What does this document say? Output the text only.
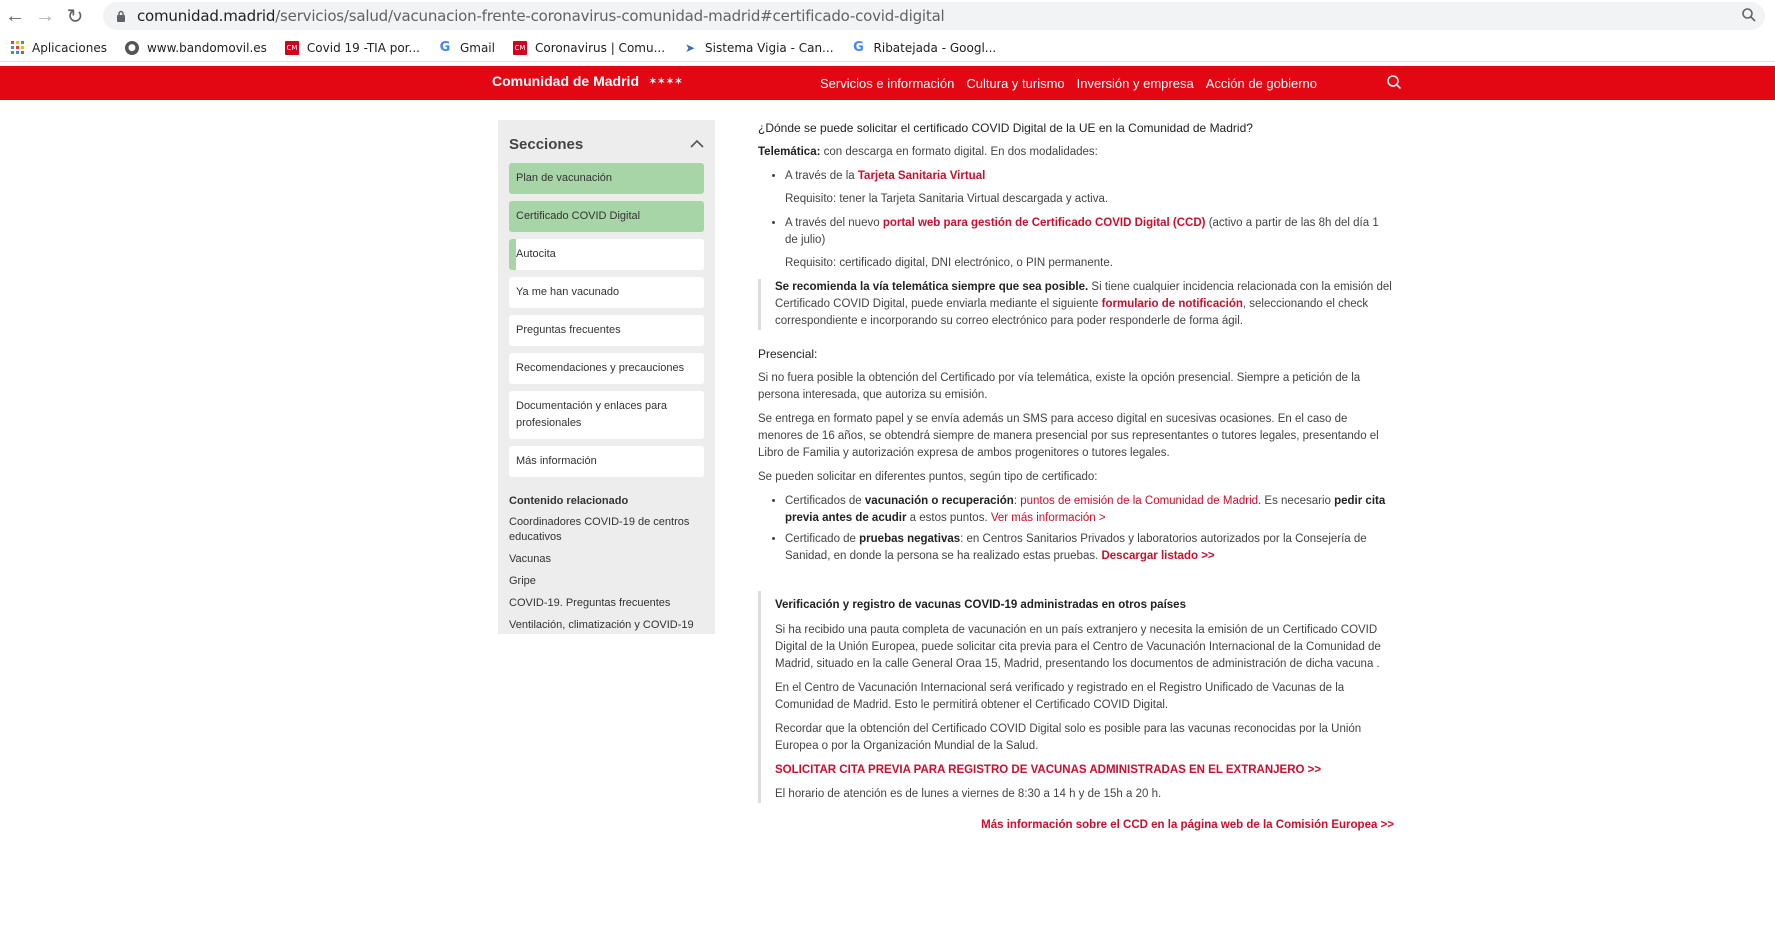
← → ↻	comunidad.madrid/servicios/salud/vacunacion-frente-coronavirus-comunidad-madrid#certificado-covid-digital
Aplicaciones	● www.bandomovil.es	CM Covid 19 -TIA por... G Gmail	CM Coronavirus | Comu... ➤ Sistema Vigia - Can... G Ribatejada - Googl...
Comunidad de Madrid ✶✶✶✶	Servicios e información Cultura y turismo Inversión y empresa Acción de gobierno
Secciones
Plan de vacunación
Certificado COVID Digital
Autocita
Ya me han vacunado
Preguntas frecuentes
Recomendaciones y precauciones
Documentación y enlaces para profesionales
Más información
Contenido relacionado
Coordinadores COVID-19 de centros educativos
Vacunas
Gripe
COVID-19. Preguntas frecuentes
Ventilación, climatización y COVID-19

¿Dónde se puede solicitar el certificado COVID Digital de la UE en la Comunidad de Madrid?

Telemática: con descarga en formato digital. En dos modalidades:

• A través de la Tarjeta Sanitaria Virtual

Requisito: tener la Tarjeta Sanitaria Virtual descargada y activa.

• A través del nuevo portal web para gestión de Certificado COVID Digital (CCD) (activo a partir de las 8h del día 1 de julio)

Requisito: certificado digital, DNI electrónico, o PIN permanente.

Se recomienda la vía telemática siempre que sea posible. Si tiene cualquier incidencia relacionada con la emisión del Certificado COVID Digital, puede enviarla mediante el siguiente formulario de notificación, seleccionando el check correspondiente e incorporando su correo electrónico para poder responderle de forma ágil.

Presencial:

Si no fuera posible la obtención del Certificado por vía telemática, existe la opción presencial. Siempre a petición de la persona interesada, que autoriza su emisión.

Se entrega en formato papel y se envía además un SMS para acceso digital en sucesivas ocasiones. En el caso de menores de 16 años, se obtendrá siempre de manera presencial por sus representantes o tutores legales, presentando el Libro de Familia y autorización expresa de ambos progenitores o tutores legales.

Se pueden solicitar en diferentes puntos, según tipo de certificado:

• Certificados de vacunación o recuperación: puntos de emisión de la Comunidad de Madrid. Es necesario pedir cita previa antes de acudir a estos puntos. Ver más información >
• Certificado de pruebas negativas: en Centros Sanitarios Privados y laboratorios autorizados por la Consejería de Sanidad, en donde la persona se ha realizado estas pruebas. Descargar listado >>

Verificación y registro de vacunas COVID-19 administradas en otros países

Si ha recibido una pauta completa de vacunación en un país extranjero y necesita la emisión de un Certificado COVID Digital de la Unión Europea, puede solicitar cita previa para el Centro de Vacunación Internacional de la Comunidad de Madrid, situado en la calle General Oraa 15, Madrid, presentando los documentos de administración de dicha vacuna .

En el Centro de Vacunación Internacional será verificado y registrado en el Registro Unificado de Vacunas de la Comunidad de Madrid. Esto le permitirá obtener el Certificado COVID Digital.

Recordar que la obtención del Certificado COVID Digital solo es posible para las vacunas reconocidas por la Unión Europea o por la Organización Mundial de la Salud.

SOLICITAR CITA PREVIA PARA REGISTRO DE VACUNAS ADMINISTRADAS EN EL EXTRANJERO >>

El horario de atención es de lunes a viernes de 8:30 a 14 h y de 15h a 20 h.

Más información sobre el CCD en la página web de la Comisión Europea >>
